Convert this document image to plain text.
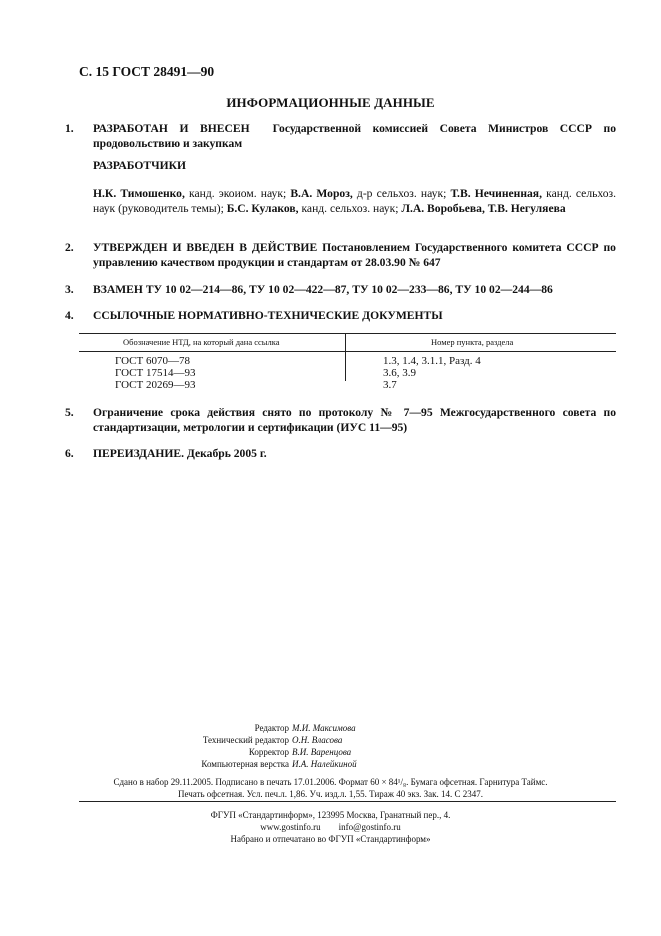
С. 15 ГОСТ 28491—90
ИНФОРМАЦИОННЫЕ ДАННЫЕ
1. РАЗРАБОТАН И ВНЕСЕН Государственной комиссией Совета Министров СССР по продовольствию и закупкам
РАЗРАБОТЧИКИ
Н.К. Тимошенко, канд. экоиом. наук; В.А. Мороз, д-р сельхоз. наук; Т.В. Нечиненная, канд. сельхоз. наук (руководитель темы); Б.С. Кулаков, канд. сельхоз. наук; Л.А. Воробьева, Т.В. Негуляева
2. УТВЕРЖДЕН И ВВЕДЕН В ДЕЙСТВИЕ Постановлением Государственного комитета СССР по управлению качеством продукции и стандартам от 28.03.90 № 647
3. ВЗАМЕН ТУ 10 02—214—86, ТУ 10 02—422—87, ТУ 10 02—233—86, ТУ 10 02—244—86
4. ССЫЛОЧНЫЕ НОРМАТИВНО-ТЕХНИЧЕСКИЕ ДОКУМЕНТЫ
Обозначение НТД, на который дана ссылка	Номер пункта, раздела
ГОСТ 6070—78	1.3, 1.4, 3.1.1, Разд. 4
ГОСТ 17514—93	3.6, 3.9
ГОСТ 20269—93	3.7
5. Ограничение срока действия снято по протоколу № 7—95 Межгосударственного совета по стандартизации, метрологии и сертификации (ИУС 11—95)
6. ПЕРЕИЗДАНИЕ. Декабрь 2005 г.
Редактор М.И. Максимова
Технический редактор О.Н. Власова
Корректор В.И. Варенцова
Компьютерная верстка И.А. Налейкиной
Сдано в набор 29.11.2005. Подписано в печать 17.01.2006. Формат 60 × 84¹/₈. Бумага офсетная. Гарнитура Таймс.
Печать офсетная. Усл. печ.л. 1,86. Уч. изд.л. 1,55. Тираж 40 экз. Зак. 14. С 2347.
ФГУП «Стандартинформ», 123995 Москва, Гранатный пер., 4.
www.gostinfo.ru        info@gostinfo.ru
Набрано и отпечатано во ФГУП «Стандартинформ»
